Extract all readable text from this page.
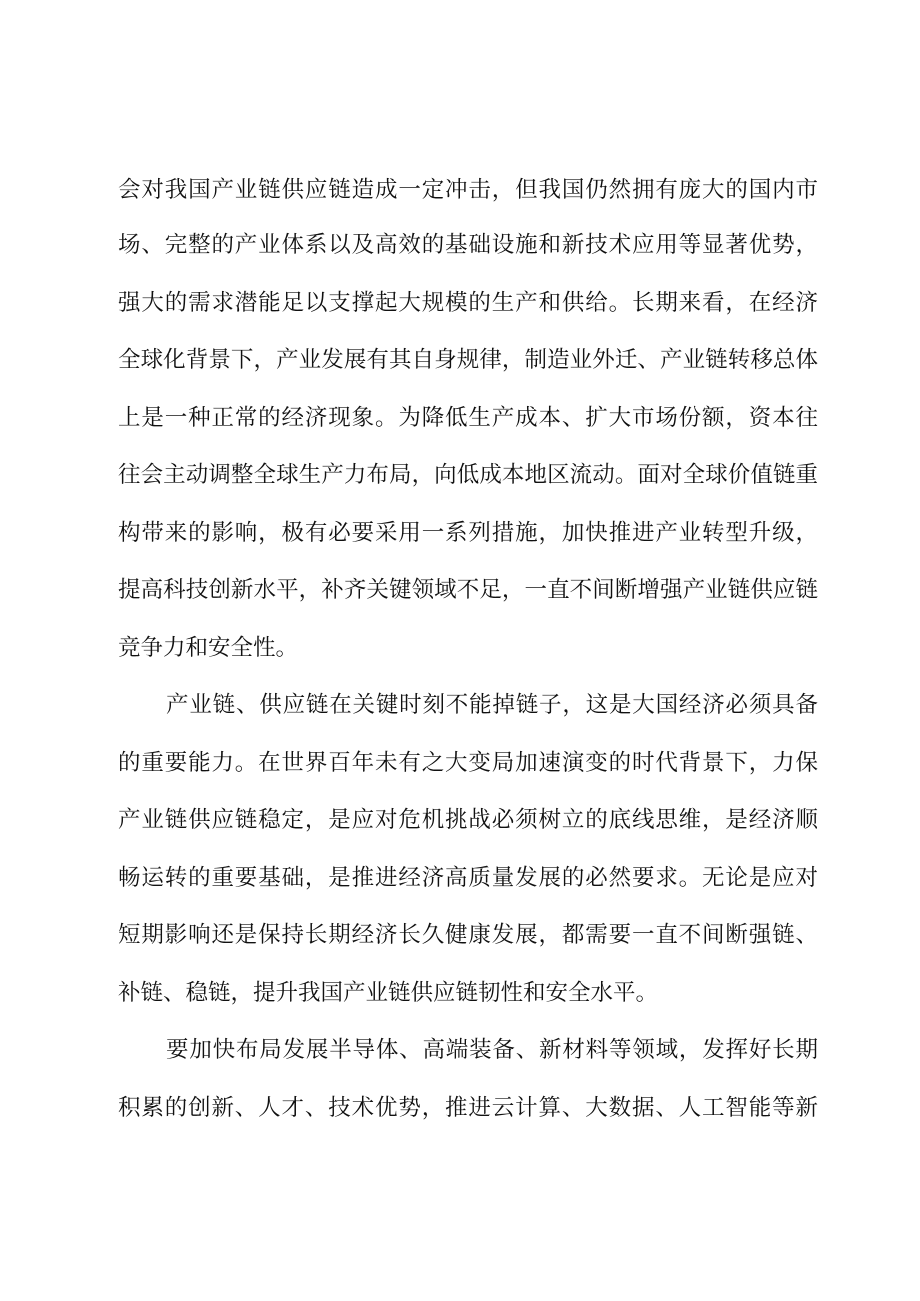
会对我国产业链供应链造成一定冲击，但我国仍然拥有庞大的国内市
场、完整的产业体系以及高效的基础设施和新技术应用等显著优势，
强大的需求潜能足以支撑起大规模的生产和供给。长期来看，在经济
全球化背景下，产业发展有其自身规律，制造业外迁、产业链转移总体
上是一种正常的经济现象。为降低生产成本、扩大市场份额，资本往
往会主动调整全球生产力布局，向低成本地区流动。面对全球价值链重
构带来的影响，极有必要采用一系列措施，加快推进产业转型升级，
提高科技创新水平，补齐关键领域不足，一直不间断增强产业链供应链
竞争力和安全性。
产业链、供应链在关键时刻不能掉链子，这是大国经济必须具备
的重要能力。在世界百年未有之大变局加速演变的时代背景下，力保
产业链供应链稳定，是应对危机挑战必须树立的底线思维，是经济顺
畅运转的重要基础，是推进经济高质量发展的必然要求。无论是应对
短期影响还是保持长期经济长久健康发展，都需要一直不间断强链、
补链、稳链，提升我国产业链供应链韧性和安全水平。
要加快布局发展半导体、高端装备、新材料等领域，发挥好长期
积累的创新、人才、技术优势，推进云计算、大数据、人工智能等新
